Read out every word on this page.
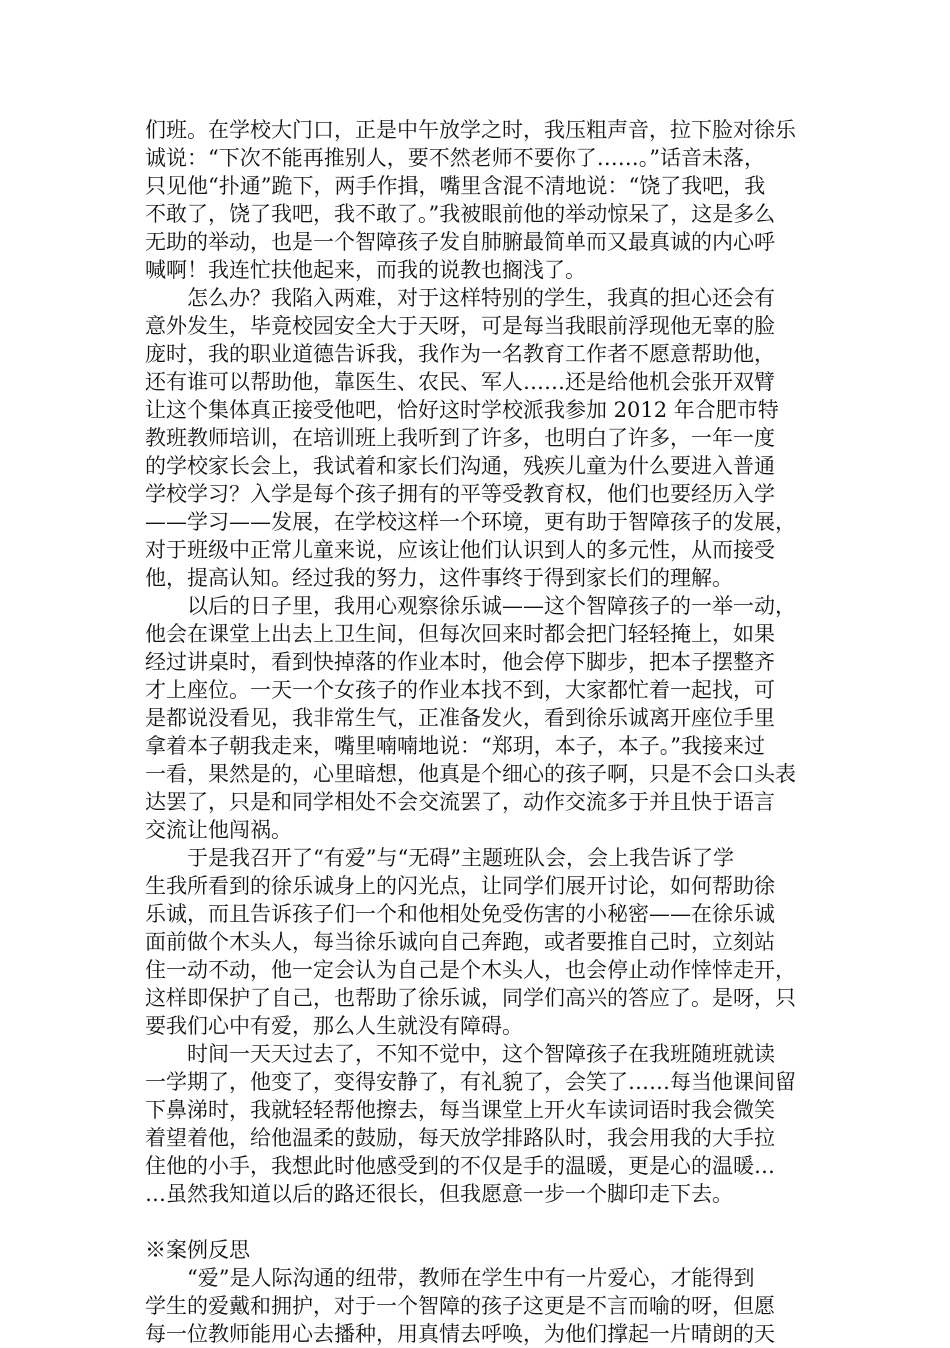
们班。在学校大门口，正是中午放学之时，我压粗声音，拉下脸对徐乐
诚说：“下次不能再推别人，要不然老师不要你了……。”话音未落，
只见他“扑通”跪下，两手作揖，嘴里含混不清地说：“饶了我吧，我
不敢了，饶了我吧，我不敢了。”我被眼前他的举动惊呆了，这是多么
无助的举动，也是一个智障孩子发自肺腑最简单而又最真诚的内心呼
喊啊！我连忙扶他起来，而我的说教也搁浅了。
怎么办？我陷入两难，对于这样特别的学生，我真的担心还会有
意外发生，毕竟校园安全大于天呀，可是每当我眼前浮现他无辜的脸
庞时，我的职业道德告诉我，我作为一名教育工作者不愿意帮助他，
还有谁可以帮助他，靠医生、农民、军人……还是给他机会张开双臂
让这个集体真正接受他吧，恰好这时学校派我参加 2012 年合肥市特
教班教师培训，在培训班上我听到了许多，也明白了许多，一年一度
的学校家长会上，我试着和家长们沟通，残疾儿童为什么要进入普通
学校学习？入学是每个孩子拥有的平等受教育权，他们也要经历入学
——学习——发展，在学校这样一个环境，更有助于智障孩子的发展，
对于班级中正常儿童来说，应该让他们认识到人的多元性，从而接受
他，提高认知。经过我的努力，这件事终于得到家长们的理解。
以后的日子里，我用心观察徐乐诚——这个智障孩子的一举一动，
他会在课堂上出去上卫生间，但每次回来时都会把门轻轻掩上，如果
经过讲桌时，看到快掉落的作业本时，他会停下脚步，把本子摆整齐
才上座位。一天一个女孩子的作业本找不到，大家都忙着一起找，可
是都说没看见，我非常生气，正准备发火，看到徐乐诚离开座位手里
拿着本子朝我走来，嘴里喃喃地说：“郑玥，本子，本子。”我接来过
一看，果然是的，心里暗想，他真是个细心的孩子啊，只是不会口头表
达罢了，只是和同学相处不会交流罢了，动作交流多于并且快于语言
交流让他闯祸。
于是我召开了“有爱”与“无碍”主题班队会，会上我告诉了学
生我所看到的徐乐诚身上的闪光点，让同学们展开讨论，如何帮助徐
乐诚，而且告诉孩子们一个和他相处免受伤害的小秘密——在徐乐诚
面前做个木头人，每当徐乐诚向自己奔跑，或者要推自己时，立刻站
住一动不动，他一定会认为自己是个木头人，也会停止动作悻悻走开，
这样即保护了自己，也帮助了徐乐诚，同学们高兴的答应了。是呀，只
要我们心中有爱，那么人生就没有障碍。
时间一天天过去了，不知不觉中，这个智障孩子在我班随班就读
一学期了，他变了，变得安静了，有礼貌了，会笑了……每当他课间留
下鼻涕时，我就轻轻帮他擦去，每当课堂上开火车读词语时我会微笑
着望着他，给他温柔的鼓励，每天放学排路队时，我会用我的大手拉
住他的小手，我想此时他感受到的不仅是手的温暖，更是心的温暖…
…虽然我知道以后的路还很长，但我愿意一步一个脚印走下去。
※案例反思
“爱”是人际沟通的纽带，教师在学生中有一片爱心，才能得到
学生的爱戴和拥护，对于一个智障的孩子这更是不言而喻的呀，但愿
每一位教师能用心去播种，用真情去呼唤，为他们撑起一片晴朗的天
